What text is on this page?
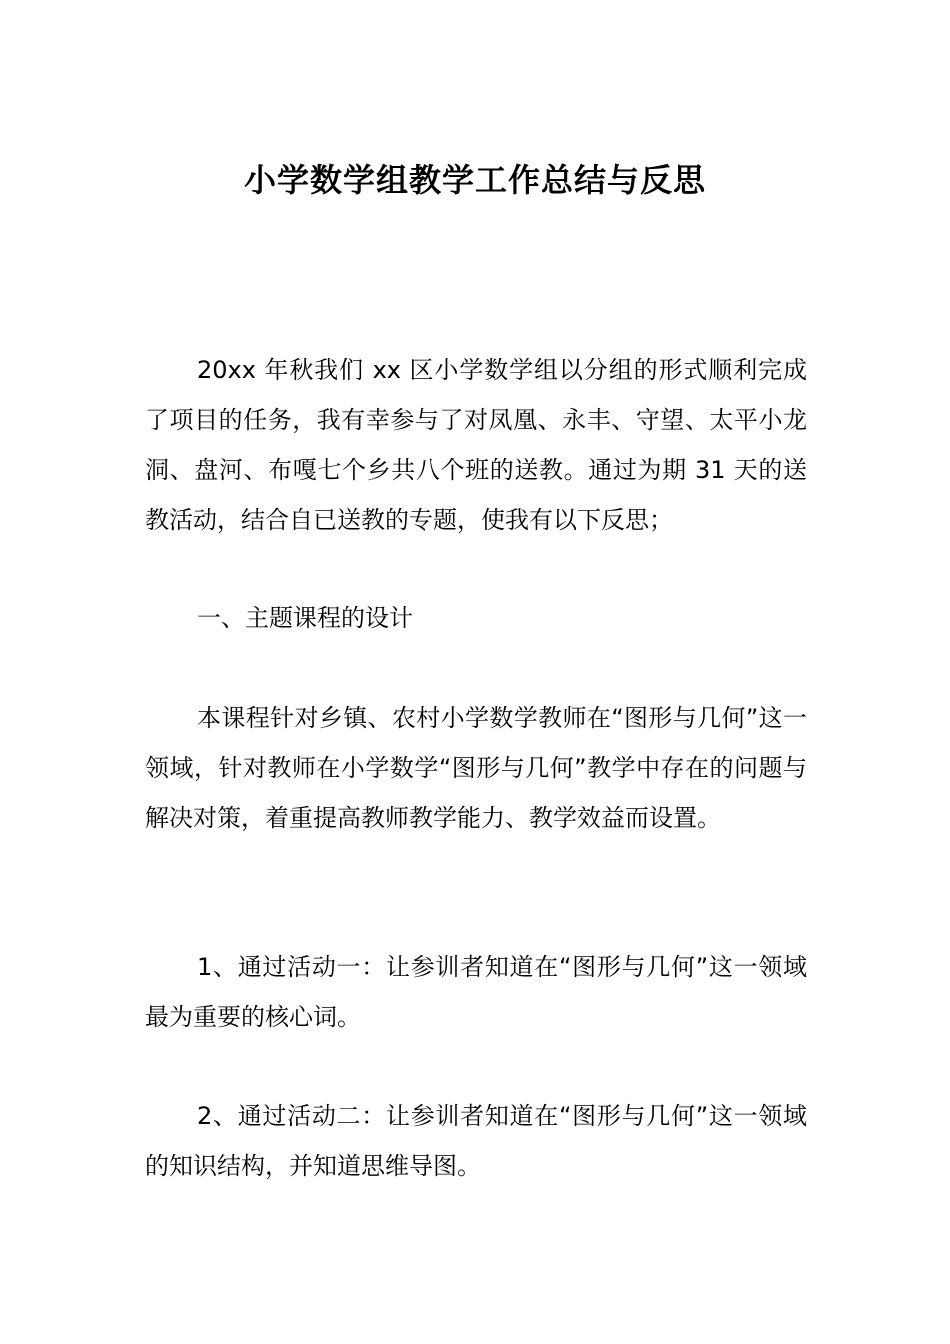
小学数学组教学工作总结与反思

20xx 年秋我们 xx 区小学数学组以分组的形式顺利完成了项目的任务，我有幸参与了对凤凰、永丰、守望、太平小龙洞、盘河、布嘎七个乡共八个班的送教。通过为期 31 天的送教活动，结合自已送教的专题，使我有以下反思；

一、主题课程的设计

本课程针对乡镇、农村小学数学教师在“图形与几何”这一领域，针对教师在小学数学“图形与几何”教学中存在的问题与解决对策，着重提高教师教学能力、教学效益而设置。

1、通过活动一：让参训者知道在“图形与几何”这一领域最为重要的核心词。

2、通过活动二：让参训者知道在“图形与几何”这一领域的知识结构，并知道思维导图。
